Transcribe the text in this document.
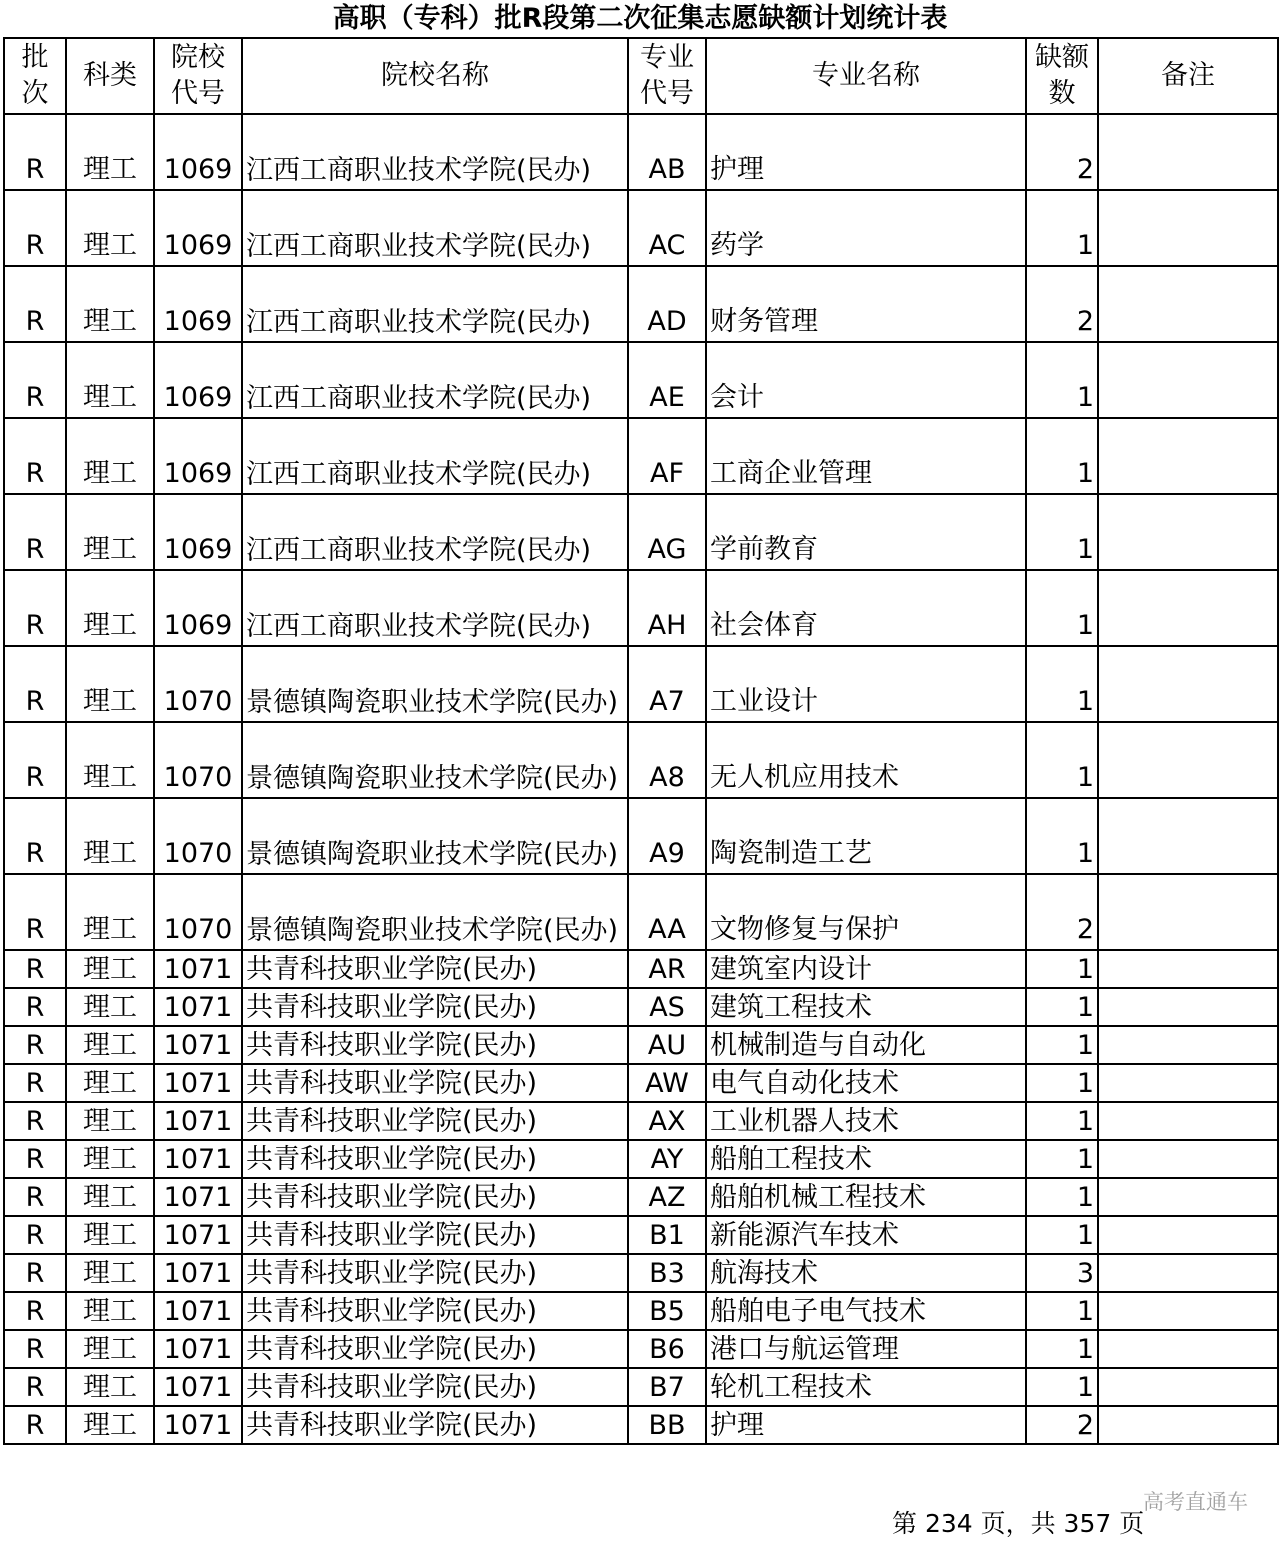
高职（专科）批R段第二次征集志愿缺额计划统计表
批次	科类	院校代号	院校名称	专业代号	专业名称	缺额数	备注
R	理工	1069	江西工商职业技术学院(民办)	AB	护理	2	
R	理工	1069	江西工商职业技术学院(民办)	AC	药学	1	
R	理工	1069	江西工商职业技术学院(民办)	AD	财务管理	2	
R	理工	1069	江西工商职业技术学院(民办)	AE	会计	1	
R	理工	1069	江西工商职业技术学院(民办)	AF	工商企业管理	1	
R	理工	1069	江西工商职业技术学院(民办)	AG	学前教育	1	
R	理工	1069	江西工商职业技术学院(民办)	AH	社会体育	1	
R	理工	1070	景德镇陶瓷职业技术学院(民办)	A7	工业设计	1	
R	理工	1070	景德镇陶瓷职业技术学院(民办)	A8	无人机应用技术	1	
R	理工	1070	景德镇陶瓷职业技术学院(民办)	A9	陶瓷制造工艺	1	
R	理工	1070	景德镇陶瓷职业技术学院(民办)	AA	文物修复与保护	2	
R	理工	1071	共青科技职业学院(民办)	AR	建筑室内设计	1	
R	理工	1071	共青科技职业学院(民办)	AS	建筑工程技术	1	
R	理工	1071	共青科技职业学院(民办)	AU	机械制造与自动化	1	
R	理工	1071	共青科技职业学院(民办)	AW	电气自动化技术	1	
R	理工	1071	共青科技职业学院(民办)	AX	工业机器人技术	1	
R	理工	1071	共青科技职业学院(民办)	AY	船舶工程技术	1	
R	理工	1071	共青科技职业学院(民办)	AZ	船舶机械工程技术	1	
R	理工	1071	共青科技职业学院(民办)	B1	新能源汽车技术	1	
R	理工	1071	共青科技职业学院(民办)	B3	航海技术	3	
R	理工	1071	共青科技职业学院(民办)	B5	船舶电子电气技术	1	
R	理工	1071	共青科技职业学院(民办)	B6	港口与航运管理	1	
R	理工	1071	共青科技职业学院(民办)	B7	轮机工程技术	1	
R	理工	1071	共青科技职业学院(民办)	BB	护理	2	
高考直通车
第 234 页，共 357 页
